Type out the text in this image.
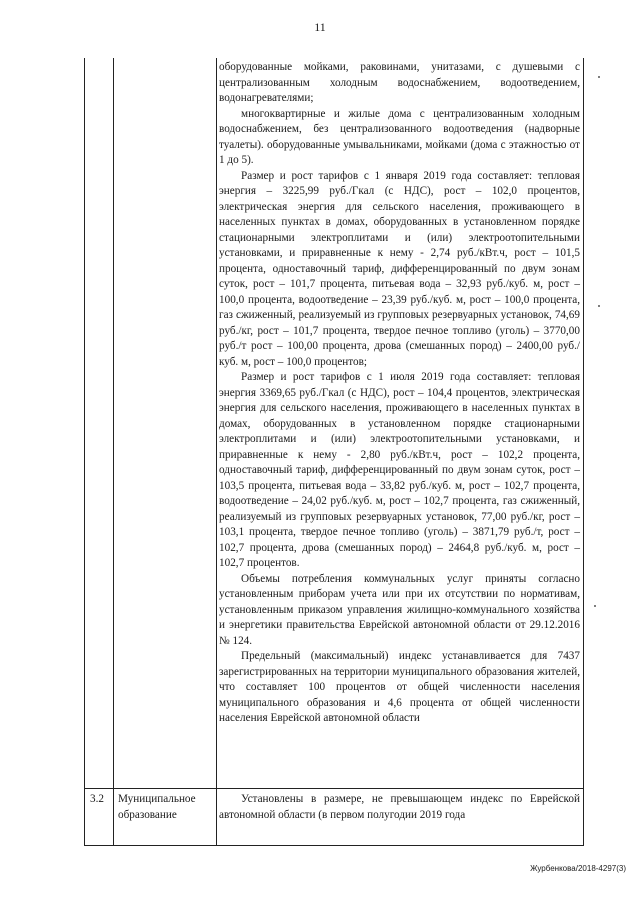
11

оборудованные мойками, раковинами, унитазами, с душевыми с централизованным холодным водоснабжением, водоотведением, водонагревателями;

многоквартирные и жилые дома с централизованным холодным водоснабжением, без централизованного водоотведения (надворные туалеты). оборудованные умывальниками, мойками (дома с этажностью от 1 до 5).

Размер и рост тарифов с 1 января 2019 года составляет: тепловая энергия – 3225,99 руб./Гкал (с НДС), рост – 102,0 процентов, электрическая энергия для сельского населения, проживающего в населенных пунктах в домах, оборудованных в установленном порядке стационарными электроплитами и (или) электроотопительными установками, и приравненные к нему - 2,74 руб./кВт.ч, рост – 101,5 процента, одноставочный тариф, дифференцированный по двум зонам суток, рост – 101,7 процента, питьевая вода – 32,93 руб./куб. м, рост – 100,0 процента, водоотведение – 23,39 руб./куб. м, рост – 100,0 процента, газ сжиженный, реализуемый из групповых резервуарных установок, 74,69 руб./кг, рост – 101,7 процента, твердое печное топливо (уголь) – 3770,00 руб./т рост – 100,00 процента, дрова (смешанных пород) – 2400,00 руб./куб. м, рост – 100,0 процентов;

Размер и рост тарифов с 1 июля 2019 года составляет: тепловая энергия 3369,65 руб./Гкал (с НДС), рост – 104,4 процентов, электрическая энергия для сельского населения, проживающего в населенных пунктах в домах, оборудованных в установленном порядке стационарными электроплитами и (или) электроотопительными установками, и приравненные к нему - 2,80 руб./кВт.ч, рост – 102,2 процента, одноставочный тариф, дифференцированный по двум зонам суток, рост – 103,5 процента, питьевая вода – 33,82 руб./куб. м, рост – 102,7 процента, водоотведение – 24,02 руб./куб. м, рост – 102,7 процента, газ сжиженный, реализуемый из групповых резервуарных установок, 77,00 руб./кг, рост – 103,1 процента, твердое печное топливо (уголь) – 3871,79 руб./т, рост – 102,7 процента, дрова (смешанных пород) – 2464,8 руб./куб. м, рост – 102,7 процентов.

Объемы потребления коммунальных услуг приняты согласно установленным приборам учета или при их отсутствии по нормативам, установленным приказом управления жилищно-коммунального хозяйства и энергетики правительства Еврейской автономной области от 29.12.2016 № 124.

Предельный (максимальный) индекс устанавливается для 7437 зарегистрированных на территории муниципального образования жителей, что составляет 100 процентов от общей численности населения муниципального образования и 4,6 процента от общей численности населения Еврейской автономной области

3.2 Муниципальное образование
Установлены в размере, не превышающем индекс по Еврейской автономной области (в первом полугодии 2019 года
Журбенкова/2018-4297(3)
